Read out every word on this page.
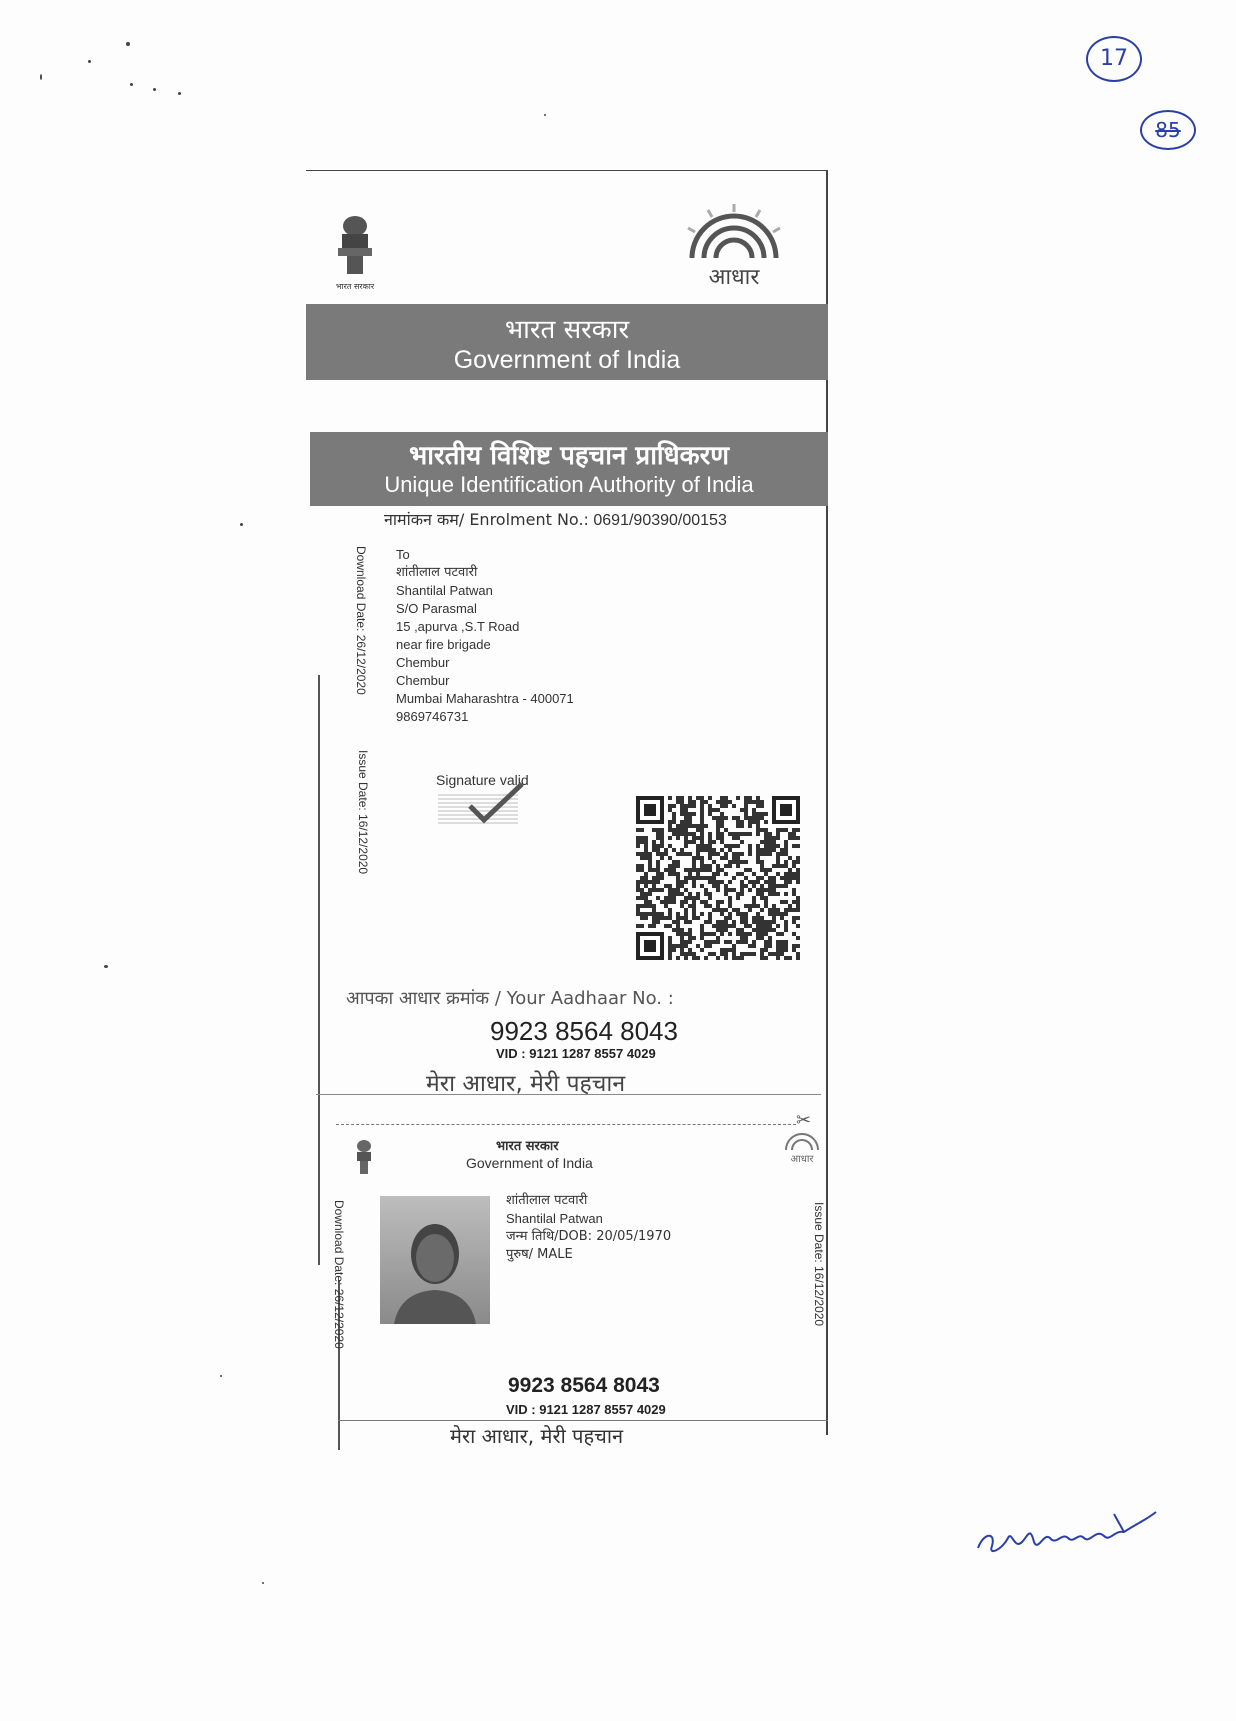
17
85
भारत सरकार	आधार
भारत सरकार
Government of India
भारतीय विशिष्ट पहचान प्राधिकरण
Unique Identification Authority of India
नामांकन कम/ Enrolment No.: 0691/90390/00153
Download Date: 26/12/2020
Issue Date: 16/12/2020
To
शांतीलाल पटवारी
Shantilal Patwan
S/O Parasmal
15 ,apurva ,S.T Road
near fire brigade
Chembur
Chembur
Mumbai Maharashtra - 400071
9869746731
Signature valid
आपका आधार क्रमांक / Your Aadhaar No. :
9923 8564 8043
VID : 9121 1287 8557 4029
मेरा आधार, मेरी पहचान
✂
भारत सरकार
Government of India	आधार
Download Date: 26/12/2020	Issue Date: 16/12/2020
शांतीलाल पटवारी
Shantilal Patwan
जन्म तिथि/DOB: 20/05/1970
पुरुष/ MALE
9923 8564 8043
VID : 9121 1287 8557 4029
मेरा आधार, मेरी पहचान
